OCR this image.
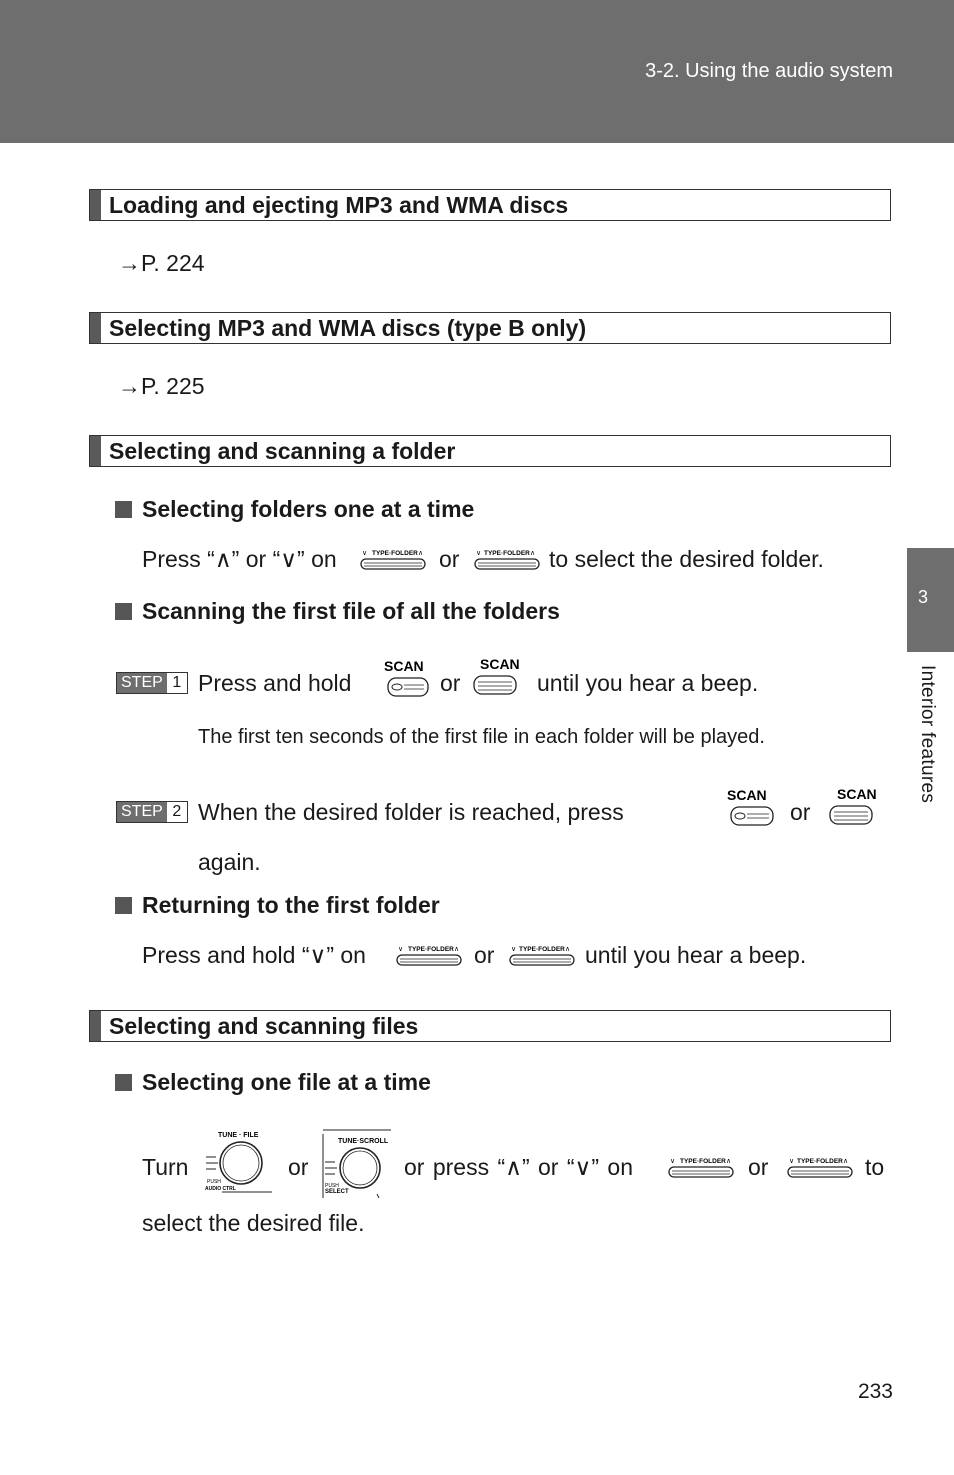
3-2. Using the audio system
3
Interior features
Loading and ejecting MP3 and WMA discs
→P. 224
Selecting MP3 and WMA discs (type B only)
→P. 225
Selecting and scanning a folder
Selecting folders one at a time
Press “∧” or “∨” on	∨ TYPE·FOLDER ∧ or ∨ TYPE·FOLDER ∧ to select the desired folder.
Scanning the first file of all the folders
STEP 1 Press and hold
SCAN
or
SCAN
until you hear a beep.
The first ten seconds of the first file in each folder will be played.
STEP 2 When the desired folder is reached, press
SCAN
or
SCAN
again.
Returning to the first folder
Press and hold “∨” on	∨ TYPE·FOLDER ∧ or ∨ TYPE·FOLDER ∧ until you hear a beep.
Selecting and scanning files
Selecting one file at a time
Turn
TUNE · FILE
PUSH
AUDIO CTRL
or
TUNE·SCROLL
PUSH
SELECT
or press “∧” or “∨” on	∨ TYPE·FOLDER ∧ or	∨ TYPE·FOLDER ∧ to
select the desired file.
233
